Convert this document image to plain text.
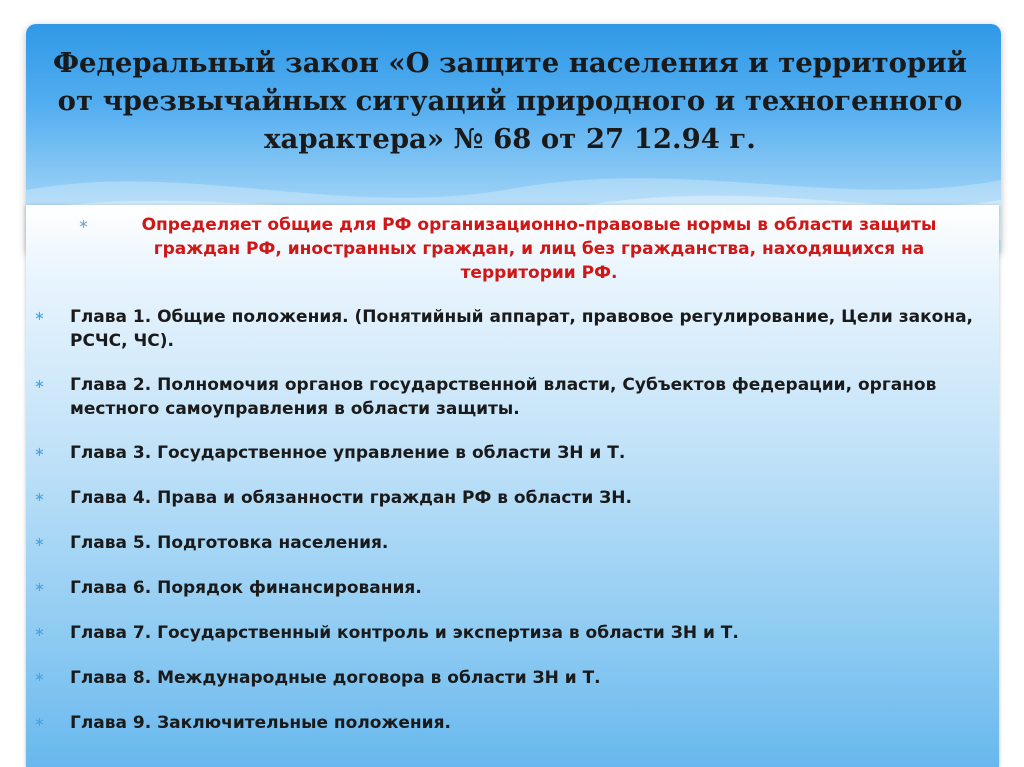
Федеральный закон «О защите населения и территорий от чрезвычайных ситуаций природного и техногенного характера» № 68 от 27 12.94 г.
∗	Определяет общие для РФ организационно-правовые нормы в области защиты граждан РФ, иностранных граждан, и лиц без гражданства, находящихся на территории РФ.
∗	Глава 1. Общие положения. (Понятийный аппарат, правовое регулирование, Цели закона, РСЧС, ЧС).
∗	Глава 2. Полномочия органов государственной власти, Субъектов федерации, органов местного самоуправления в области защиты.
∗	Глава 3. Государственное управление в области ЗН и Т.
∗	Глава 4. Права и обязанности граждан РФ в области ЗН.
∗	Глава 5. Подготовка населения.
∗	Глава 6. Порядок финансирования.
∗	Глава 7. Государственный контроль и экспертиза в области ЗН и Т.
∗	Глава 8. Международные договора в области ЗН и Т.
∗	Глава 9. Заключительные положения.
